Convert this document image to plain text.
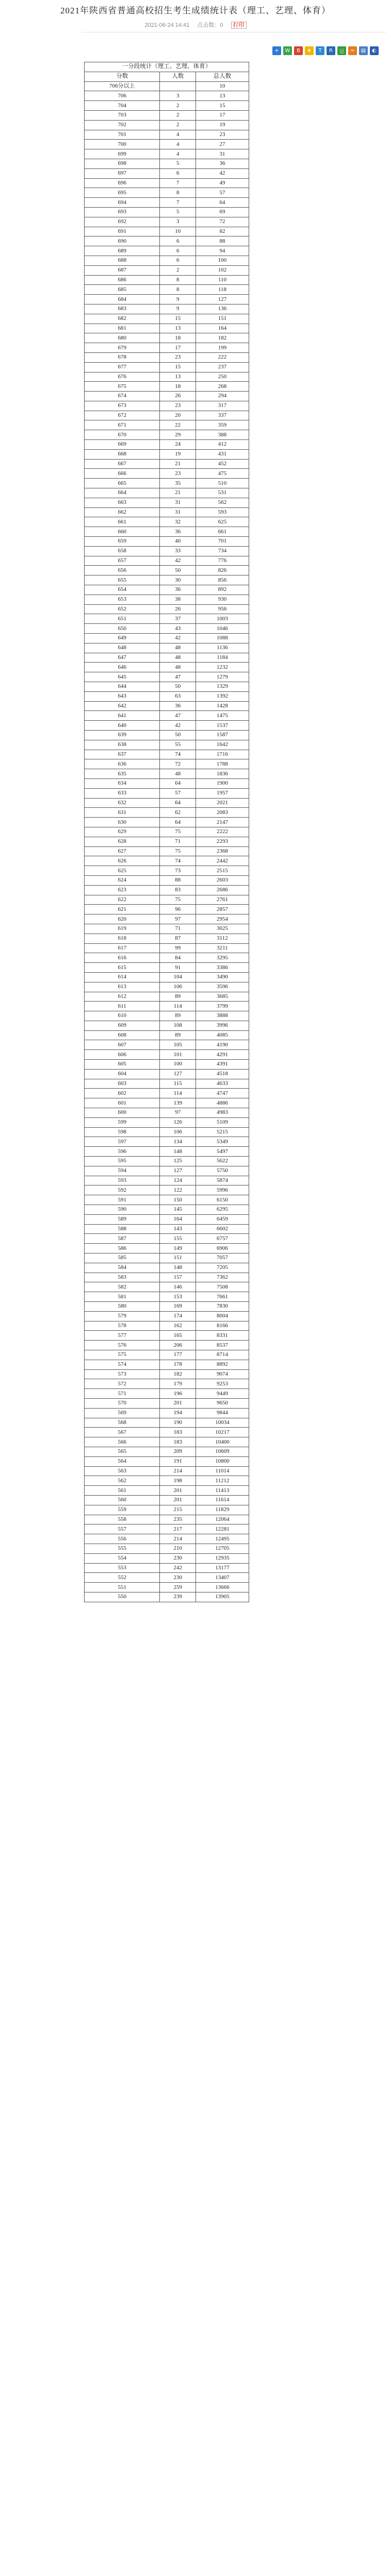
2021年陕西省普通高校招生考生成绩统计表（理工、艺理、体育）
2021-06-24 14:41 点击数：0 打印
+	W	B	★	T	R	豆	≈	▤	◐
一分段统计（理工、艺理、体育）		
分数	人数	总人数
706分以上		10
706	3	13
704	2	15
703	2	17
702	2	19
701	4	23
700	4	27
699	4	31
698	5	36
697	6	42
696	7	49
695	8	57
694	7	64
693	5	69
692	3	72
691	10	82
690	6	88
689	6	94
688	6	100
687	2	102
686	8	110
685	8	118
684	9	127
683	9	136
682	15	151
681	13	164
680	18	182
679	17	199
678	23	222
677	15	237
676	13	250
675	18	268
674	26	294
673	23	317
672	20	337
671	22	359
670	29	388
669	24	412
668	19	431
667	21	452
666	23	475
665	35	510
664	21	531
663	31	562
662	31	593
661	32	625
660	36	661
659	40	701
658	33	734
657	42	776
656	50	826
655	30	856
654	36	892
653	38	930
652	26	956
651	37	1003
650	43	1046
649	42	1088
648	48	1136
647	48	1184
646	48	1232
645	47	1279
644	50	1329
643	63	1392
642	36	1428
641	47	1475
640	42	1537
639	50	1587
638	55	1642
637	74	1716
636	72	1788
635	48	1836
634	64	1900
633	57	1957
632	64	2021
631	62	2083
630	64	2147
629	75	2222
628	71	2293
627	75	2368
626	74	2442
625	73	2515
624	88	2603
623	83	2686
622	75	2761
621	96	2857
620	97	2954
619	71	3025
618	87	3112
617	99	3211
616	84	3295
615	91	3386
614	104	3490
613	106	3596
612	89	3685
611	114	3799
610	89	3888
609	108	3996
608	89	4085
607	105	4190
606	101	4291
605	100	4391
604	127	4518
603	115	4633
602	114	4747
601	139	4886
600	97	4983
599	126	5109
598	106	5215
597	134	5349
596	148	5497
595	125	5622
594	127	5750
593	124	5874
592	122	5996
591	150	6150
590	145	6295
589	164	6459
588	143	6602
587	155	6757
586	149	6906
585	151	7057
584	148	7205
583	157	7362
582	146	7508
581	153	7661
580	169	7830
579	174	8004
578	162	8166
577	165	8331
576	206	8537
575	177	8714
574	178	8892
573	182	9074
572	179	9253
571	196	9449
570	201	9650
569	194	9844
568	190	10034
567	183	10217
566	183	10400
565	209	10609
564	191	10800
563	214	11014
562	198	11212
561	201	11413
560	201	11614
559	215	11829
558	235	12064
557	217	12281
556	214	12495
555	210	12705
554	230	12935
553	242	13177
552	230	13407
551	259	13666
550	239	13905
